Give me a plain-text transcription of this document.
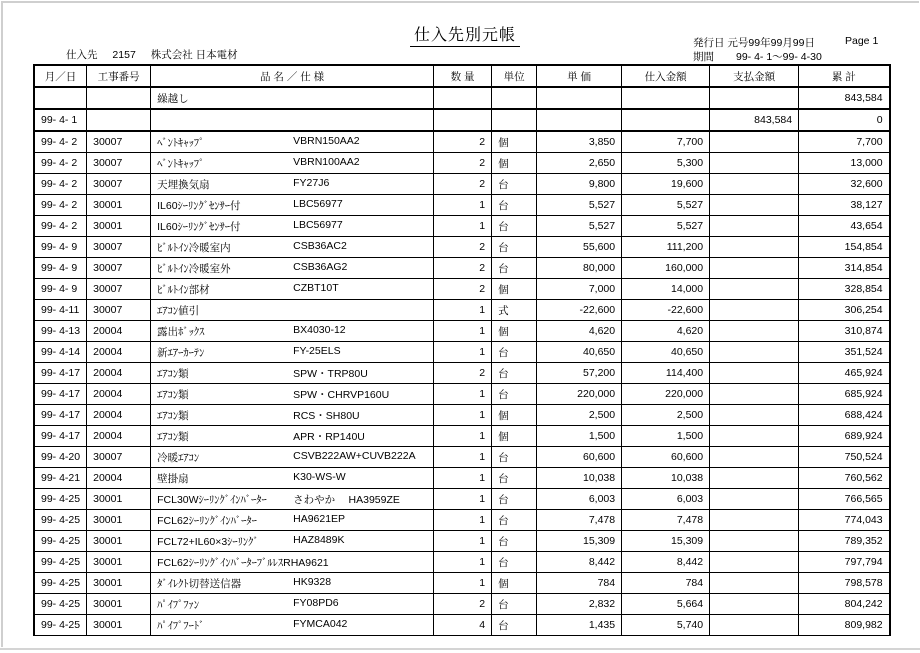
仕入先別元帳
仕入先 2157 株式会社 日本電材
発行日 元号99年99月99日	Page 1
期間 99- 4- 1～99- 4-30
月／日	工事番号	品 名 ／ 仕 様	数 量	単位	単 価	仕入金額	支払金額	累 計
		繰越し						843,584
99- 4- 1							843,584	0
99- 4- 2	30007	ﾍﾞﾝﾄｷｬｯﾌﾟ VBRN150AA2	2	個	3,850	7,700		7,700
99- 4- 2	30007	ﾍﾞﾝﾄｷｬｯﾌﾟ VBRN100AA2	2	個	2,650	5,300		13,000
99- 4- 2	30007	天埋換気扇 FY27J6	2	台	9,800	19,600		32,600
99- 4- 2	30001	IL60ｼｰﾘﾝｸﾞｾﾝｻｰ付 LBC56977	1	台	5,527	5,527		38,127
99- 4- 2	30001	IL60ｼｰﾘﾝｸﾞｾﾝｻｰ付 LBC56977	1	台	5,527	5,527		43,654
99- 4- 9	30007	ﾋﾞﾙﾄｲﾝ冷暖室内 CSB36AC2	2	台	55,600	111,200		154,854
99- 4- 9	30007	ﾋﾞﾙﾄｲﾝ冷暖室外 CSB36AG2	2	台	80,000	160,000		314,854
99- 4- 9	30007	ﾋﾞﾙﾄｲﾝ部材 CZBT10T	2	個	7,000	14,000		328,854
99- 4-11	30007	ｴｱｺﾝ値引	1	式	-22,600	-22,600		306,254
99- 4-13	20004	露出ﾎﾞｯｸｽ BX4030-12	1	個	4,620	4,620		310,874
99- 4-14	20004	新ｴｱｰｶｰﾃﾝ FY-25ELS	1	台	40,650	40,650		351,524
99- 4-17	20004	ｴｱｺﾝ類 SPW・TRP80U	2	台	57,200	114,400		465,924
99- 4-17	20004	ｴｱｺﾝ類 SPW・CHRVP160U	1	台	220,000	220,000		685,924
99- 4-17	20004	ｴｱｺﾝ類 RCS・SH80U	1	個	2,500	2,500		688,424
99- 4-17	20004	ｴｱｺﾝ類 APR・RP140U	1	個	1,500	1,500		689,924
99- 4-20	30007	冷暖ｴｱｺﾝ CSVB222AW+CUVB222A	1	台	60,600	60,600		750,524
99- 4-21	20004	壁掛扇 K30-WS-W	1	台	10,038	10,038		760,562
99- 4-25	30001	FCL30Wｼｰﾘﾝｸﾞｲﾝﾊﾞｰﾀｰ さわやか　 HA3959ZE	1	台	6,003	6,003		766,565
99- 4-25	30001	FCL62ｼｰﾘﾝｸﾞｲﾝﾊﾞｰﾀｰ HA9621EP	1	台	7,478	7,478		774,043
99- 4-25	30001	FCL72+IL60×3ｼｰﾘﾝｸﾞ HAZ8489K	1	台	15,309	15,309		789,352
99- 4-25	30001	FCL62ｼｰﾘﾝｸﾞｲﾝﾊﾞｰﾀｰﾌﾞﾙﾚｽRHA9621	1	台	8,442	8,442		797,794
99- 4-25	30001	ﾀﾞｲﾚｸﾄ切替送信器 HK9328	1	個	784	784		798,578
99- 4-25	30001	ﾊﾟｲﾌﾟﾌｧﾝ FY08PD6	2	台	2,832	5,664		804,242
99- 4-25	30001	ﾊﾟｲﾌﾟﾌｰﾄﾞ FYMCA042	4	台	1,435	5,740		809,982
